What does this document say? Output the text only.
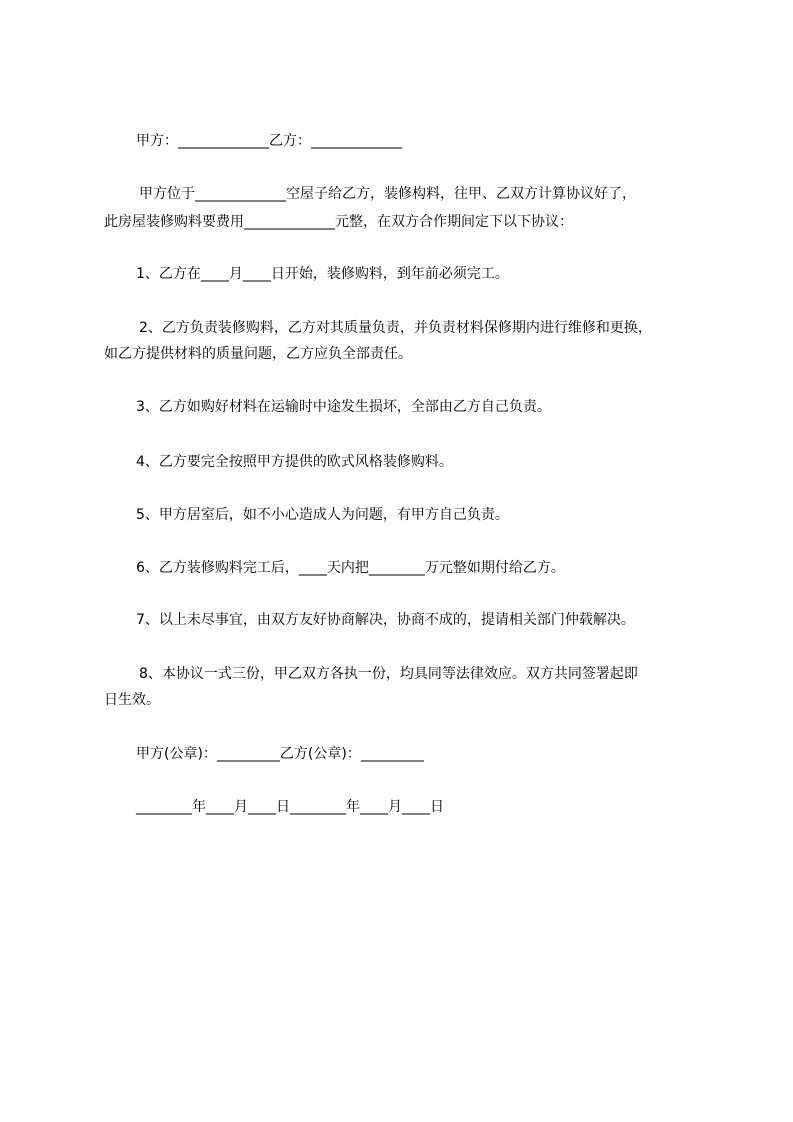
甲方：_____________乙方：_____________
甲方位于_____________空屋子给乙方，装修构料，往甲、乙双方计算协议好了，
此房屋装修购料要费用_____________元整，在双方合作期间定下以下协议：
1、乙方在____月____日开始，装修购料，到年前必须完工。
2、乙方负责装修购料，乙方对其质量负责，并负责材料保修期内进行维修和更换，
如乙方提供材料的质量问题，乙方应负全部责任。
3、乙方如购好材料在运输时中途发生损坏，全部由乙方自己负责。
4、乙方要完全按照甲方提供的欧式风格装修购料。
5、甲方居室后，如不小心造成人为问题，有甲方自己负责。
6、乙方装修购料完工后，____天内把________万元整如期付给乙方。
7、以上未尽事宜，由双方友好协商解决，协商不成的，提请相关部门仲载解决。
8、本协议一式三份，甲乙双方各执一份，均具同等法律效应。双方共同签署起即
日生效。
甲方(公章)：_________乙方(公章)：_________
________年____月____日________年____月____日
